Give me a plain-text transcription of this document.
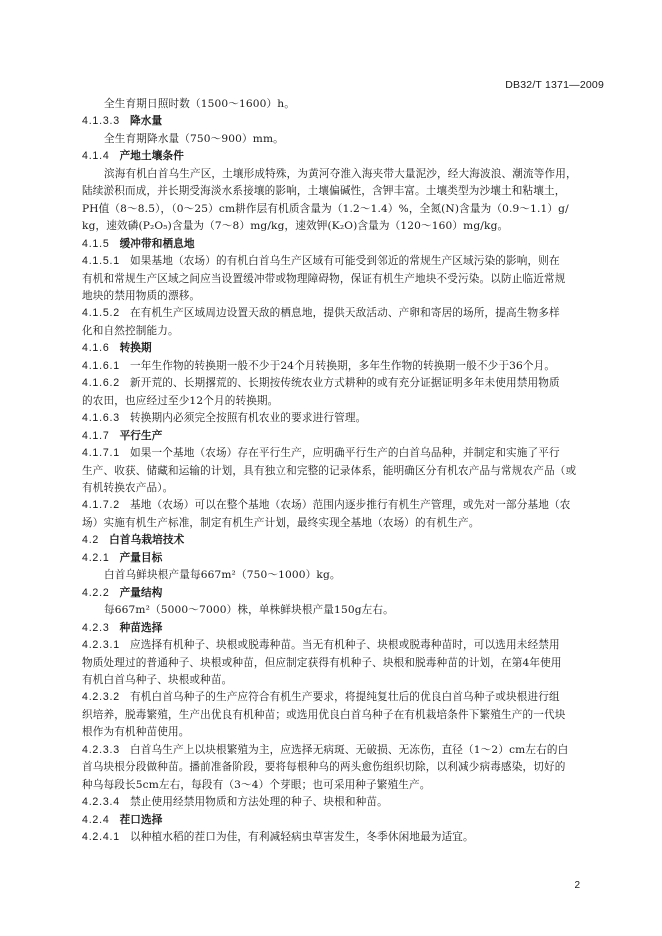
DB32/T 1371—2009
全生育期日照时数（1500～1600）h。
4.1.3.3 降水量
全生育期降水量（750～900）mm。
4.1.4 产地土壤条件
滨海有机白首乌生产区，土壤形成特殊，为黄河夺淮入海夹带大量泥沙，经大海波浪、潮流等作用，
陆续淤积而成，并长期受海淡水系接壤的影响，土壤偏碱性，含钾丰富。土壤类型为沙壤土和粘壤土，
PH值（8～8.5），（0～25）cm耕作层有机质含量为（1.2～1.4）%，全氮(N)含量为（0.9～1.1）g/
kg，速效磷(P₂O₅)含量为（7～8）mg/kg，速效钾(K₂O)含量为（120～160）mg/kg。
4.1.5 缓冲带和栖息地
4.1.5.1 如果基地（农场）的有机白首乌生产区域有可能受到邻近的常规生产区域污染的影响，则在
有机和常规生产区域之间应当设置缓冲带或物理障碍物，保证有机生产地块不受污染。以防止临近常规
地块的禁用物质的漂移。
4.1.5.2 在有机生产区域周边设置天敌的栖息地，提供天敌活动、产卵和寄居的场所，提高生物多样
化和自然控制能力。
4.1.6 转换期
4.1.6.1 一年生作物的转换期一般不少于24个月转换期，多年生作物的转换期一般不少于36个月。
4.1.6.2 新开荒的、长期撂荒的、长期按传统农业方式耕种的或有充分证据证明多年未使用禁用物质
的农田，也应经过至少12个月的转换期。
4.1.6.3 转换期内必须完全按照有机农业的要求进行管理。
4.1.7 平行生产
4.1.7.1 如果一个基地（农场）存在平行生产，应明确平行生产的白首乌品种，并制定和实施了平行
生产、收获、储藏和运输的计划，具有独立和完整的记录体系，能明确区分有机农产品与常规农产品（或
有机转换农产品）。
4.1.7.2 基地（农场）可以在整个基地（农场）范围内逐步推行有机生产管理，或先对一部分基地（农
场）实施有机生产标准，制定有机生产计划，最终实现全基地（农场）的有机生产。
4.2 白首乌栽培技术
4.2.1 产量目标
白首乌鲜块根产量每667m²（750～1000）kg。
4.2.2 产量结构
每667m²（5000～7000）株，单株鲜块根产量150g左右。
4.2.3 种苗选择
4.2.3.1 应选择有机种子、块根或脱毒种苗。当无有机种子、块根或脱毒种苗时，可以选用未经禁用
物质处理过的普通种子、块根或种苗，但应制定获得有机种子、块根和脱毒种苗的计划，在第4年使用
有机白首乌种子、块根或种苗。
4.2.3.2 有机白首乌种子的生产应符合有机生产要求，将提纯复壮后的优良白首乌种子或块根进行组
织培养，脱毒繁殖，生产出优良有机种苗；或选用优良白首乌种子在有机栽培条件下繁殖生产的一代块
根作为有机种苗使用。
4.2.3.3 白首乌生产上以块根繁殖为主，应选择无病斑、无破损、无冻伤，直径（1～2）cm左右的白
首乌块根分段做种苗。播前准备阶段，要将每根种乌的两头愈伤组织切除，以利减少病毒感染，切好的
种乌每段长5cm左右，每段有（3～4）个芽眼；也可采用种子繁殖生产。
4.2.3.4 禁止使用经禁用物质和方法处理的种子、块根和种苗。
4.2.4 茬口选择
4.2.4.1 以种植水稻的茬口为佳，有利减轻病虫草害发生，冬季休闲地最为适宜。
2
